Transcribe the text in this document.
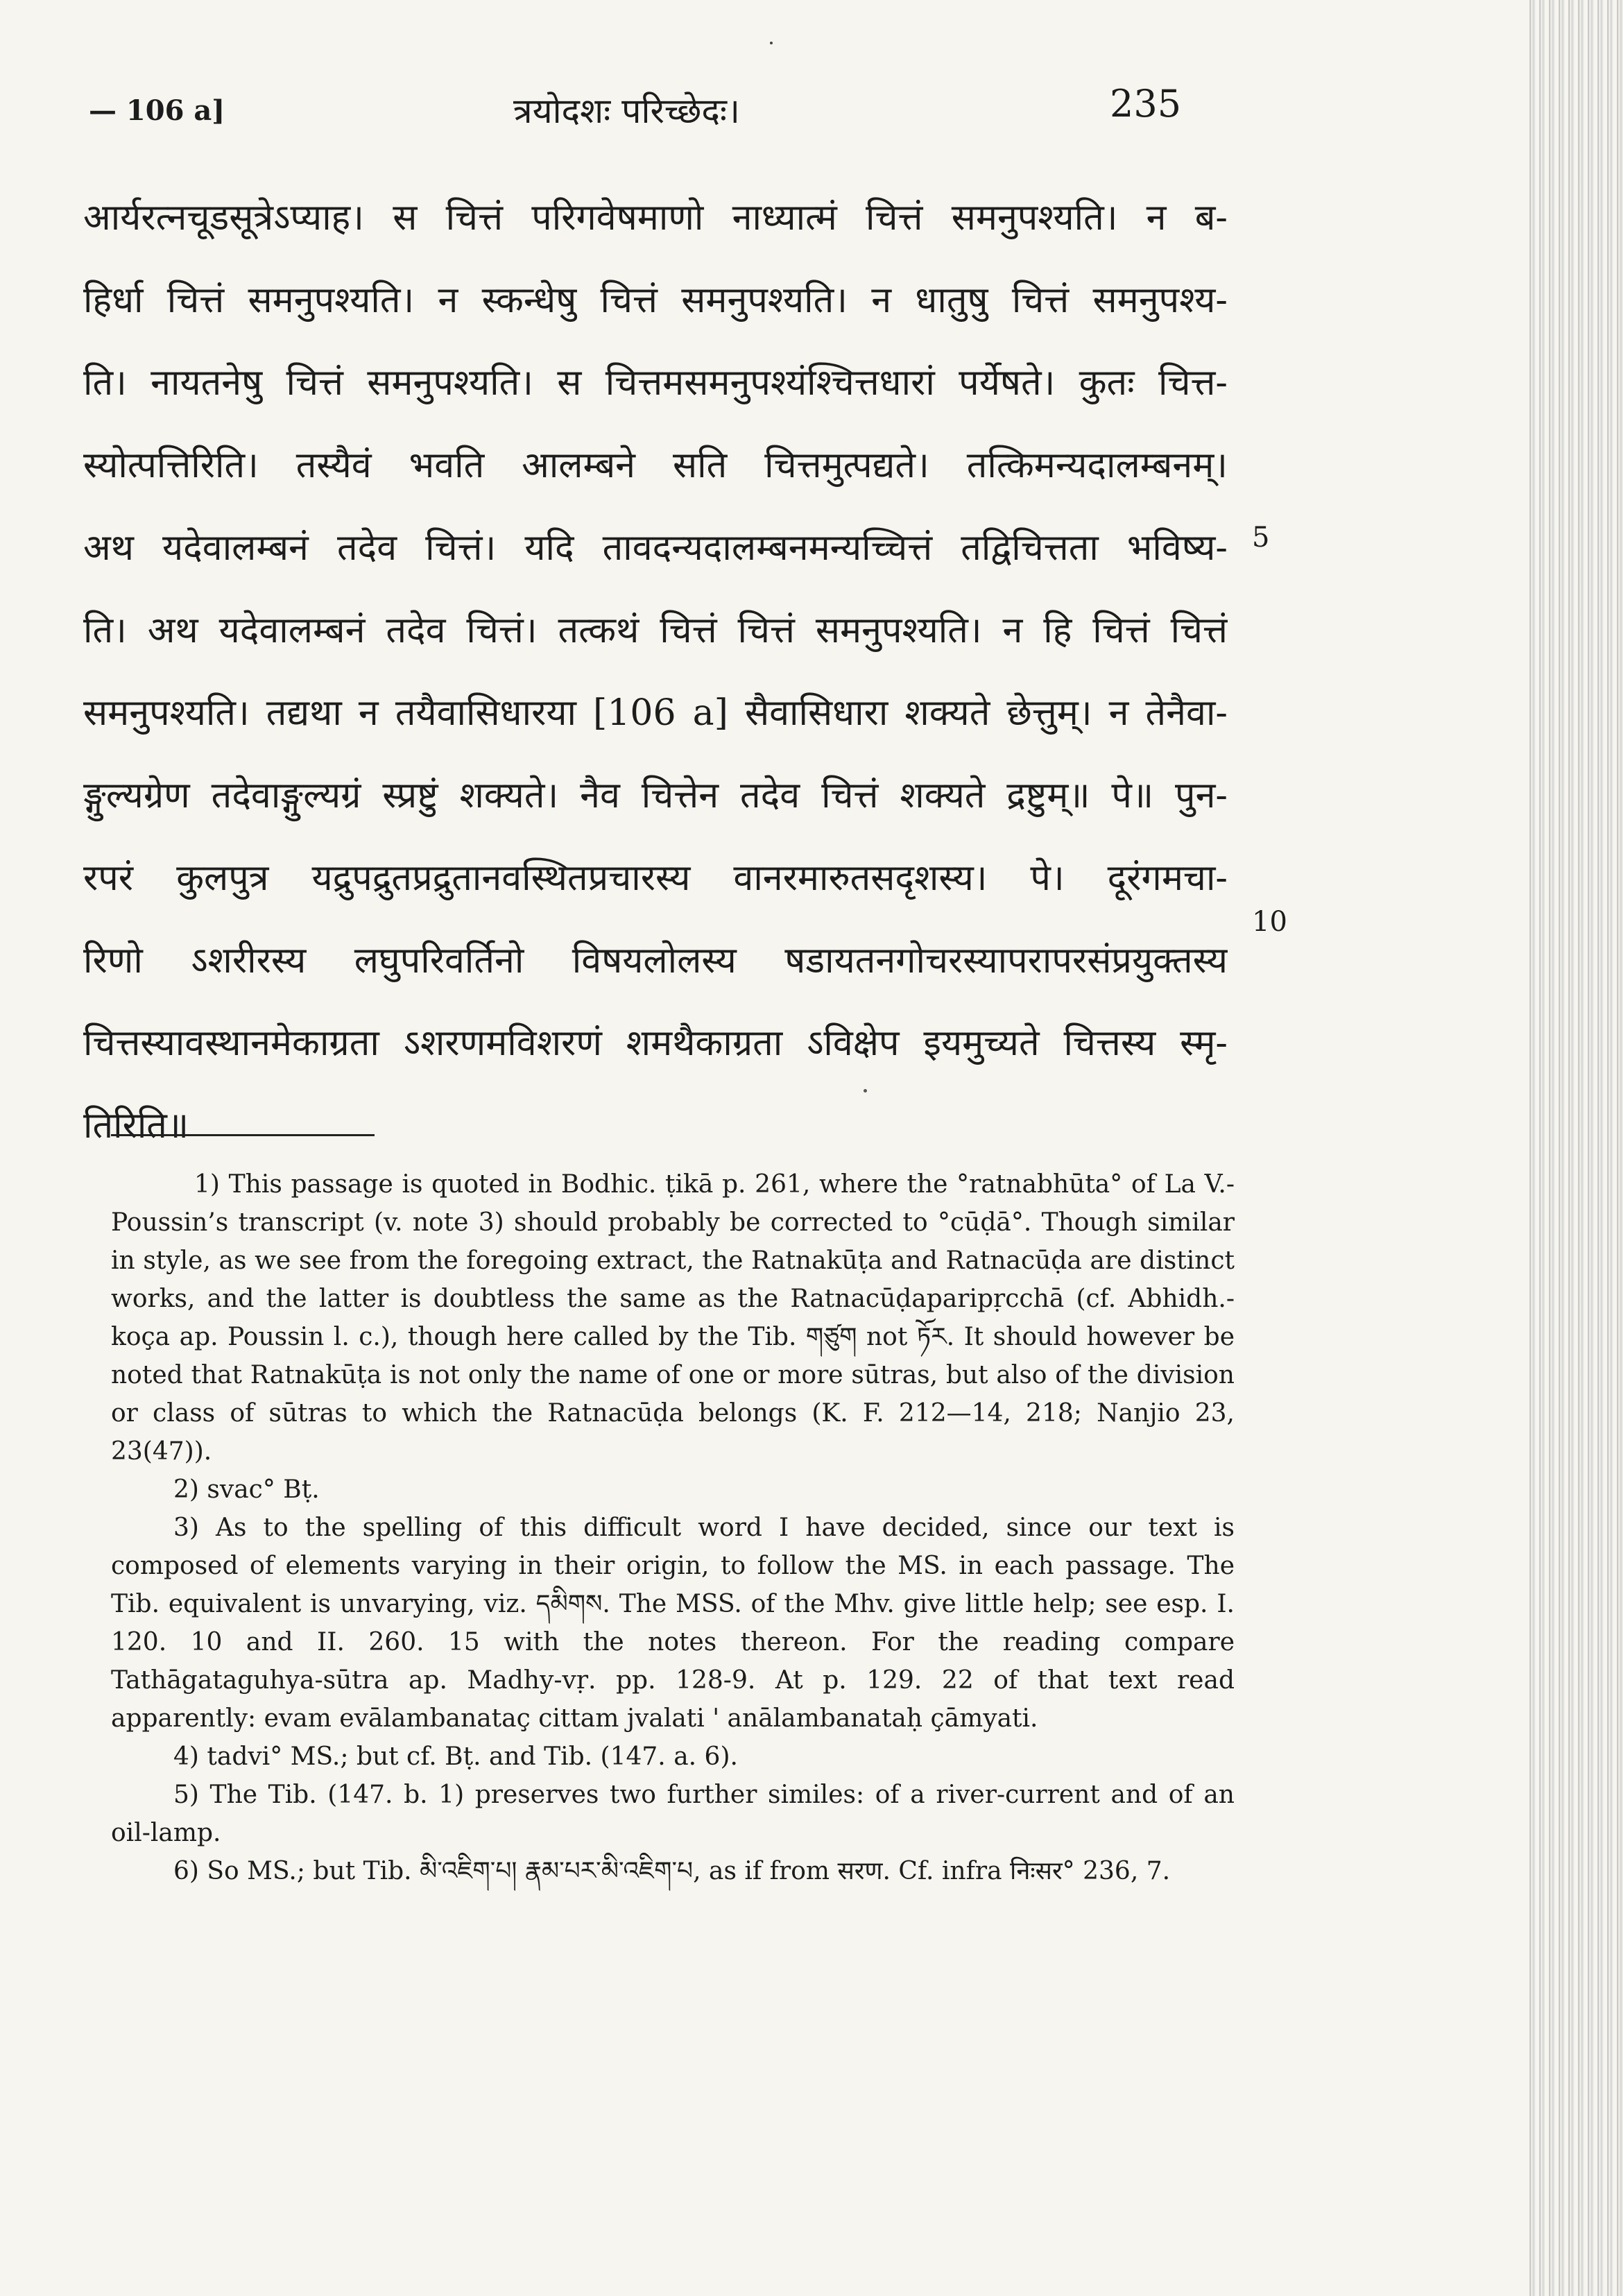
— 106 a]	त्रयोदशः परिच्छेदः।	235
आर्यरत्नचूडसूत्रेऽप्याह। स चित्तं परिगवेषमाणो नाध्यात्मं चित्तं समनुपश्यति। न ब-
हिर्धा चित्तं समनुपश्यति। न स्कन्धेषु चित्तं समनुपश्यति। न धातुषु चित्तं समनुपश्य-
ति। नायतनेषु चित्तं समनुपश्यति। स चित्तमसमनुपश्यंश्चित्तधारां पर्येषते। कुतः चित्त-
स्योत्पत्तिरिति। तस्यैवं भवति आलम्बने सति चित्तमुत्पद्यते। तत्किमन्यदालम्बनम्।
अथ यदेवालम्बनं तदेव चित्तं। यदि तावदन्यदालम्बनमन्यच्चित्तं तद्विचित्तता भविष्य-
ति। अथ यदेवालम्बनं तदेव चित्तं। तत्कथं चित्तं चित्तं समनुपश्यति। न हि चित्तं चित्तं
समनुपश्यति। तद्यथा न तयैवासिधारया [106 a] सैवासिधारा शक्यते छेत्तुम्। न तेनैवा-
ङ्गुल्यग्रेण तदेवाङ्गुल्यग्रं स्प्रष्टुं शक्यते। नैव चित्तेन तदेव चित्तं शक्यते द्रष्टुम्॥ पे॥ पुन-
रपरं कुलपुत्र यद्रुपद्रुतप्रद्रुतानवस्थितप्रचारस्य वानरमारुतसदृशस्य। पे। दूरंगमचा-
रिणो ऽशरीरस्य लघुपरिवर्तिनो विषयलोलस्य षडायतनगोचरस्यापरापरसंप्रयुक्तस्य
चित्तस्यावस्थानमेकाग्रता ऽशरणमविशरणं शमथैकाग्रता ऽविक्षेप इयमुच्यते चित्तस्य स्मृ-
तिरिति॥
5
10

1) This passage is quoted in Bodhic. ṭikā p. 261, where the °ratnabhūta° of La V.-Poussin’s transcript (v. note 3) should probably be corrected to °cūḍā°. Though similar in style, as we see from the foregoing extract, the Ratnakūṭa and Ratnacūḍa are distinct works, and the latter is doubtless the same as the Ratnacūḍaparipṛcchā (cf. Abhidh.-koça ap. Poussin l. c.), though here called by the Tib. གཙུག not ཏོར. It should however be noted that Ratnakūṭa is not only the name of one or more sūtras, but also of the division or class of sūtras to which the Ratnacūḍa belongs (K. F. 212—14, 218; Nanjio 23, 23(47)).

2) svac° Bṭ.

3) As to the spelling of this difficult word I have decided, since our text is composed of elements varying in their origin, to follow the MS. in each passage. The Tib. equivalent is unvarying, viz. དམིགས. The MSS. of the Mhv. give little help; see esp. I. 120. 10 and II. 260. 15 with the notes thereon. For the reading compare Tathāgataguhya-sūtra ap. Madhy-vṛ. pp. 128-9. At p. 129. 22 of that text read apparently: evam evālambanataç cittam jvalati ' anālambanataḥ çāmyati.

4) tadvi° MS.; but cf. Bṭ. and Tib. (147. a. 6).

5) The Tib. (147. b. 1) preserves two further similes: of a river-current and of an oil-lamp.

6) So MS.; but Tib. མི་འཇིག་པ། རྣམ་པར་མི་འཇིག་པ, as if from सरण. Cf. infra निःसर° 236, 7.
